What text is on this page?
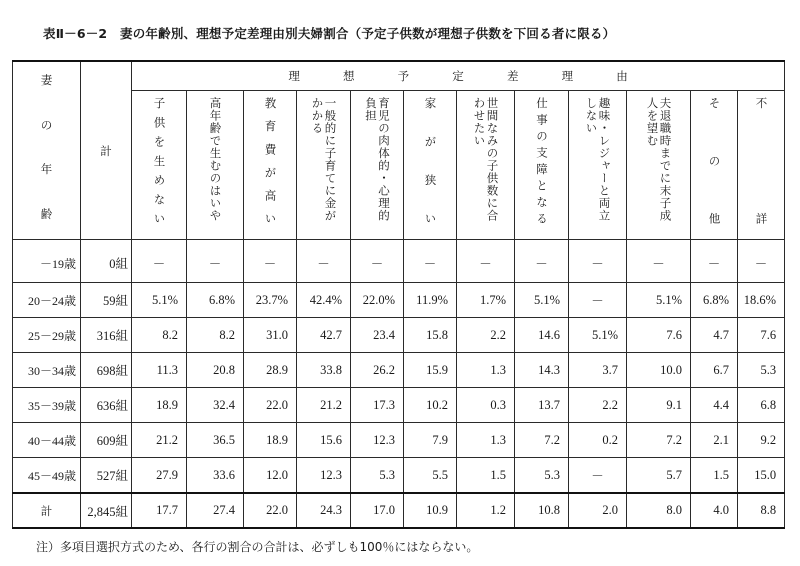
表Ⅱ－6－2　妻の年齢別、理想予定差理由別夫婦割合（予定子供数が理想子供数を下回る者に限る）
妻
の
年
齢	計	理 想 予 定 差 理 由											
		子供を生めない	高年齢で生むのはいや	教育費が高い	一般的に子育てに金がかかる	育児の肉体的・心理的負担	家が狭い	世間なみの子供数に合わせたい	仕事の支障となる	趣味・レジャーと両立しない	夫退職時までに末子成人を望む	その他	不詳
－19歳	0組	－	－	－	－	－	－	－	－	－	－	－	－
20－24歳	59組	5.1%	6.8%	23.7%	42.4%	22.0%	11.9%	1.7%	5.1%	－	5.1%	6.8%	18.6%
25－29歳	316組	8.2	8.2	31.0	42.7	23.4	15.8	2.2	14.6	5.1%	7.6	4.7	7.6
30－34歳	698組	11.3	20.8	28.9	33.8	26.2	15.9	1.3	14.3	3.7	10.0	6.7	5.3
35－39歳	636組	18.9	32.4	22.0	21.2	17.3	10.2	0.3	13.7	2.2	9.1	4.4	6.8
40－44歳	609組	21.2	36.5	18.9	15.6	12.3	7.9	1.3	7.2	0.2	7.2	2.1	9.2
45－49歳	527組	27.9	33.6	12.0	12.3	5.3	5.5	1.5	5.3	－	5.7	1.5	15.0
計	2,845組	17.7	27.4	22.0	24.3	17.0	10.9	1.2	10.8	2.0	8.0	4.0	8.8
注）多項目選択方式のため、各行の割合の合計は、必ずしも100％にはならない。
